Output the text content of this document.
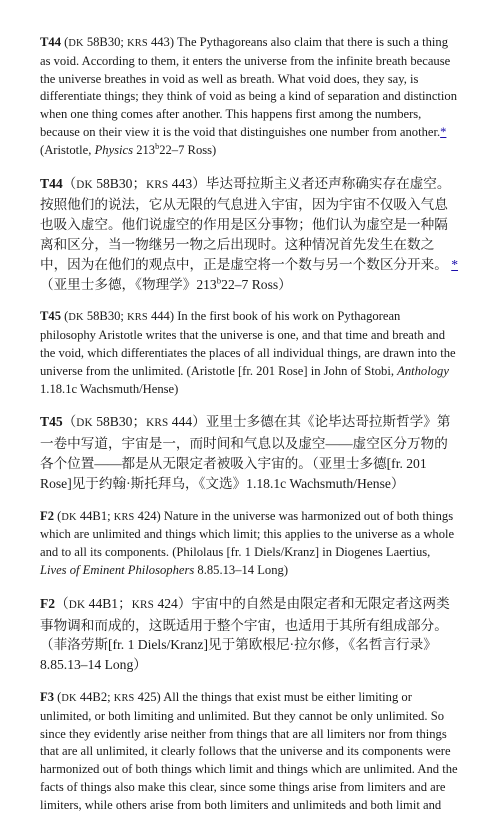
T44 (DK 58B30; KRS 443) The Pythagoreans also claim that there is such a thing as void. According to them, it enters the universe from the infinite breath because the universe breathes in void as well as breath. What void does, they say, is differentiate things; they think of void as being a kind of separation and distinction when one thing comes after another. This happens first among the numbers, because on their view it is the void that distinguishes one number from another.*
(Aristotle, Physics 213$^b$22–7 Ross)

T44（DK 58B30；KRS 443）毕达哥拉斯主义者还声称确实存在虚空。按照他们的说法，它从无限的气息进入宇宙，因为宇宙不仅吸入气息也吸入虚空。他们说虚空的作用是区分事物；他们认为虚空是一种隔离和区分，当一物继另一物之后出现时。这种情况首先发生在数之中，因为在他们的观点中，正是虚空将一个数与另一个数区分开来。 *（亚里士多德，《物理学》213$^b$22–7 Ross）

T45 (DK 58B30; KRS 444) In the first book of his work on Pythagorean philosophy Aristotle writes that the universe is one, and that time and breath and the void, which differentiates the places of all individual things, are drawn into the universe from the unlimited. (Aristotle [fr. 201 Rose] in John of Stobi, Anthology 1.18.1c Wachsmuth/Hense)

T45（DK 58B30；KRS 444）亚里士多德在其《论毕达哥拉斯哲学》第一卷中写道，宇宙是一，而时间和气息以及虚空——虚空区分万物的各个位置——都是从无限定者被吸入宇宙的。（亚里士多德[fr. 201 Rose]见于约翰·斯托拜乌，《文选》1.18.1c Wachsmuth/Hense）

F2 (DK 44B1; KRS 424) Nature in the universe was harmonized out of both things which are unlimited and things which limit; this applies to the universe as a whole and to all its components. (Philolaus [fr. 1 Diels/Kranz] in Diogenes Laertius, Lives of Eminent Philosophers 8.85.13–14 Long)

F2（DK 44B1；KRS 424）宇宙中的自然是由限定者和无限定者这两类事物调和而成的，这既适用于整个宇宙，也适用于其所有组成部分。（菲洛劳斯[fr. 1 Diels/Kranz]见于第欧根尼·拉尔修，《名哲言行录》8.85.13–14 Long）

F3 (DK 44B2; KRS 425) All the things that exist must be either limiting or unlimited, or both limiting and unlimited. But they cannot be only unlimited. So since they evidently arise neither from things that are all limiters nor from things that are all unlimited, it clearly follows that the universe and its components were harmonized out of both things which limit and things which are unlimited. And the facts of things also make this clear, since some things arise from limiters and are limiters, while others arise from both limiters and unlimiteds and both limit and
